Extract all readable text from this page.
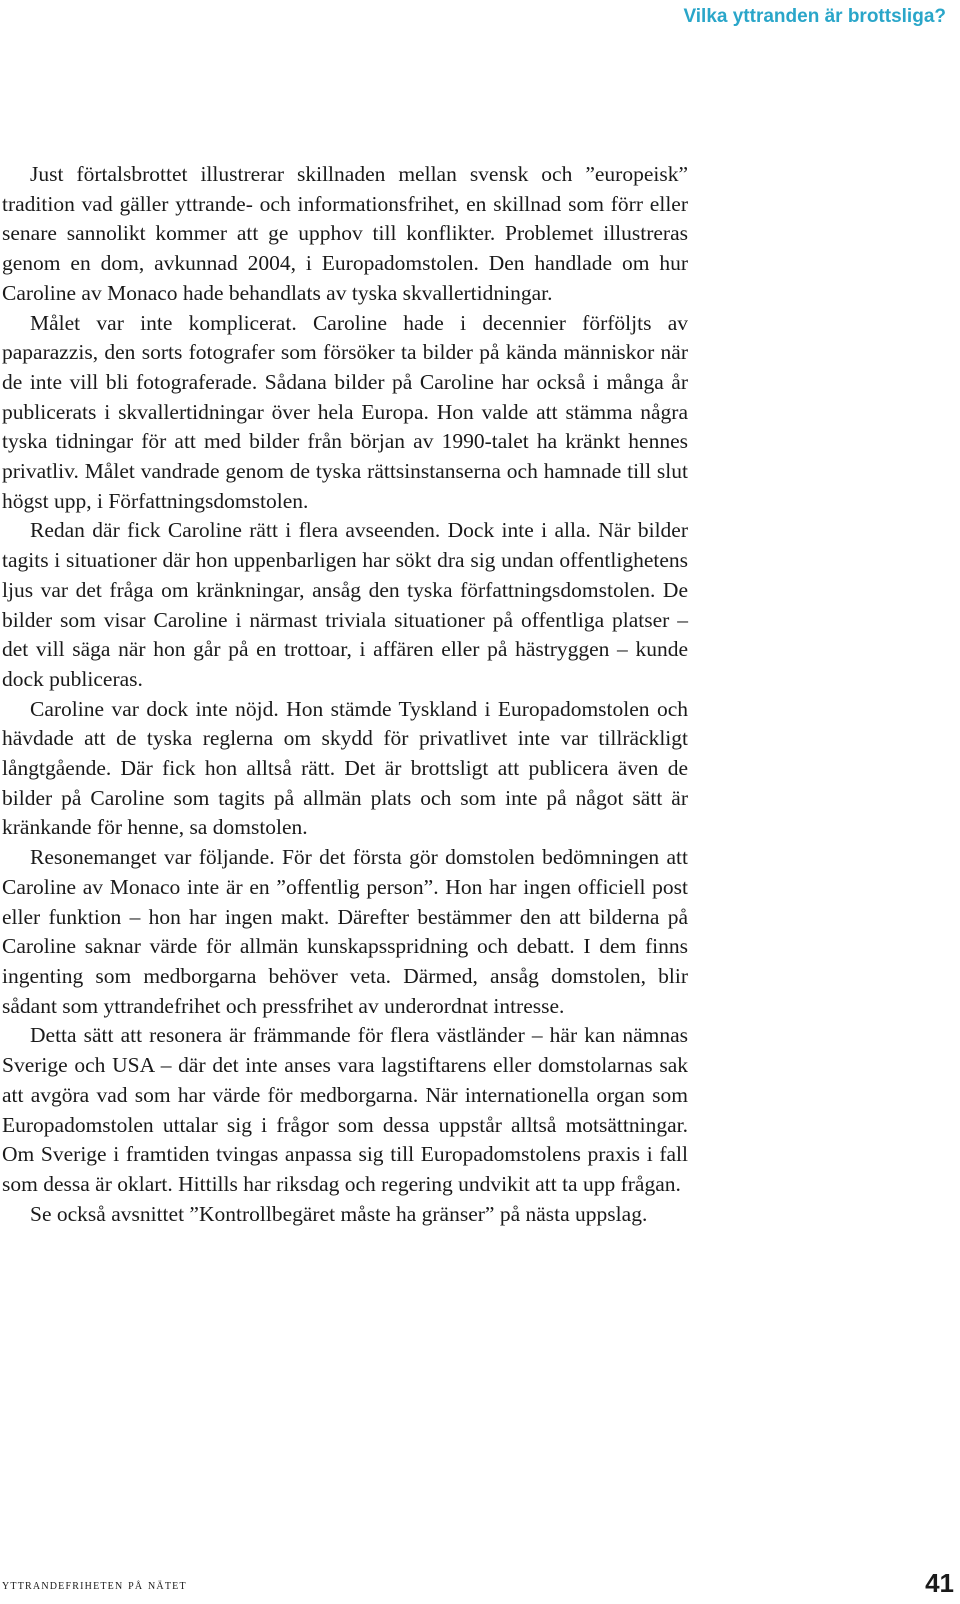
Vilka yttranden är brottsliga?

Just förtalsbrottet illustrerar skillnaden mellan svensk och ”europeisk” tradition vad gäller yttrande- och informationsfrihet, en skillnad som förr eller senare sannolikt kommer att ge upphov till konflikter. Problemet illustreras genom en dom, avkunnad 2004, i Europadomstolen. Den handlade om hur Caroline av Monaco hade behandlats av tyska skvallertidningar.

Målet var inte komplicerat. Caroline hade i decennier förföljts av paparazzis, den sorts fotografer som försöker ta bilder på kända människor när de inte vill bli fotograferade. Sådana bilder på Caroline har också i många år publicerats i skvallertidningar över hela Europa. Hon valde att stämma några tyska tidningar för att med bilder från början av 1990-talet ha kränkt hennes privatliv. Målet vandrade genom de tyska rättsinstanserna och hamnade till slut högst upp, i Författningsdomstolen.

Redan där fick Caroline rätt i flera avseenden. Dock inte i alla. När bilder tagits i situationer där hon uppenbarligen har sökt dra sig undan offentlighetens ljus var det fråga om kränkningar, ansåg den tyska författningsdomstolen. De bilder som visar Caroline i närmast triviala situationer på offentliga platser – det vill säga när hon går på en trottoar, i affären eller på hästryggen – kunde dock publiceras.

Caroline var dock inte nöjd. Hon stämde Tyskland i Europadomstolen och hävdade att de tyska reglerna om skydd för privatlivet inte var tillräckligt långtgående. Där fick hon alltså rätt. Det är brottsligt att publicera även de bilder på Caroline som tagits på allmän plats och som inte på något sätt är kränkande för henne, sa domstolen.

Resonemanget var följande. För det första gör domstolen bedömningen att Caroline av Monaco inte är en ”offentlig person”. Hon har ingen officiell post eller funktion – hon har ingen makt. Därefter bestämmer den att bilderna på Caroline saknar värde för allmän kunskapsspridning och debatt. I dem finns ingenting som medborgarna behöver veta. Därmed, ansåg domstolen, blir sådant som yttrandefrihet och pressfrihet av underordnat intresse.

Detta sätt att resonera är främmande för flera västländer – här kan nämnas Sverige och USA – där det inte anses vara lagstiftarens eller domstolarnas sak att avgöra vad som har värde för medborgarna. När internationella organ som Europadomstolen uttalar sig i frågor som dessa uppstår alltså motsättningar. Om Sverige i framtiden tvingas anpassa sig till Europadomstolens praxis i fall som dessa är oklart. Hittills har riksdag och regering undvikit att ta upp frågan.

Se också avsnittet ”Kontrollbegäret måste ha gränser” på nästa uppslag.

yttrandefriheten på nätet	41
